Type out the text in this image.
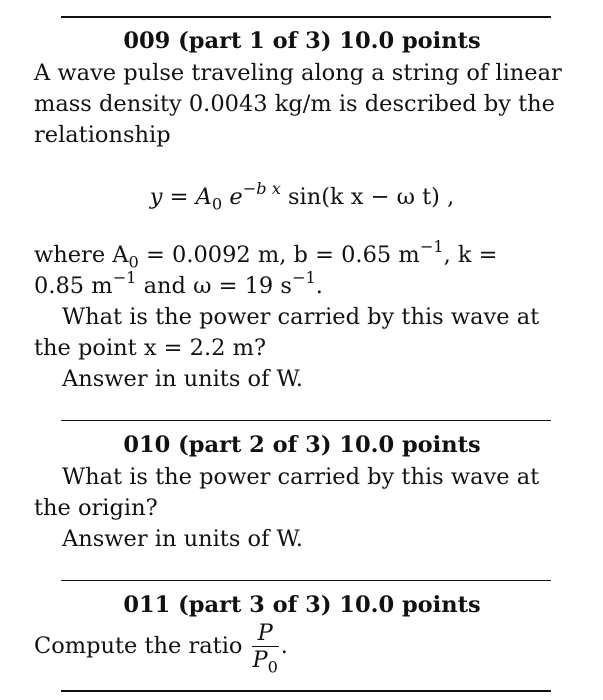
009 (part 1 of 3) 10.0 points
A wave pulse traveling along a string of linear
mass density 0.0043 kg/m is described by the
relationship
$y = A_0$ $e^{-b x}$ sin(k x − ω t) ,
where $A_0 = 0.0092$ m, b = 0.65 $m^{-1}$, k =
0.85 $m^{-1}$ and ω = 19 $s^{-1}$.
What is the power carried by this wave at
the point x = 2.2 m?
Answer in units of W.
010 (part 2 of 3) 10.0 points
What is the power carried by this wave at
the origin?
Answer in units of W.
011 (part 3 of 3) 10.0 points
Compute the ratio $\frac{P}{P_0}$ .
